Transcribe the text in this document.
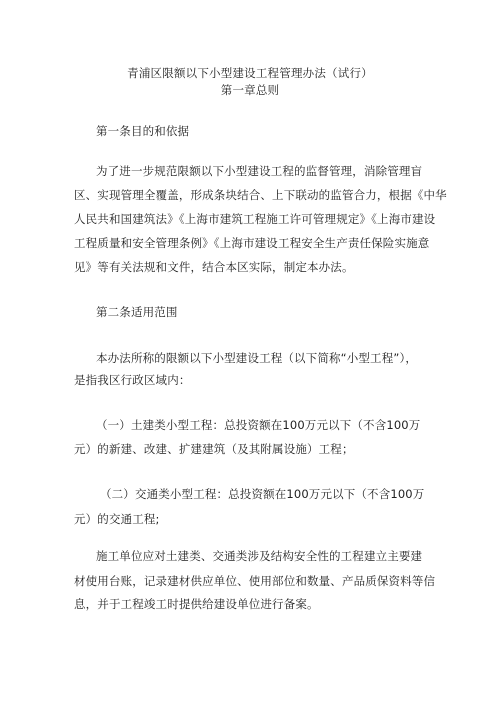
青浦区限额以下小型建设工程管理办法（试行）
第一章总则
第一条目的和依据
为了进一步规范限额以下小型建设工程的监督管理，消除管理盲
区、实现管理全覆盖，形成条块结合、上下联动的监管合力，根据《中华
人民共和国建筑法》《上海市建筑工程施工许可管理规定》《上海市建设
工程质量和安全管理条例》《上海市建设工程安全生产责任保险实施意
见》等有关法规和文件，结合本区实际，制定本办法。
第二条适用范围
本办法所称的限额以下小型建设工程（以下简称“小型工程”），
是指我区行政区域内：
（一）土建类小型工程：总投资额在100万元以下（不含100万
元）的新建、改建、扩建建筑（及其附属设施）工程；
（二）交通类小型工程：总投资额在100万元以下（不含100万
元）的交通工程;
施工单位应对土建类、交通类涉及结构安全性的工程建立主要建
材使用台账，记录建材供应单位、使用部位和数量、产品质保资料等信
息，并于工程竣工时提供给建设单位进行备案。
